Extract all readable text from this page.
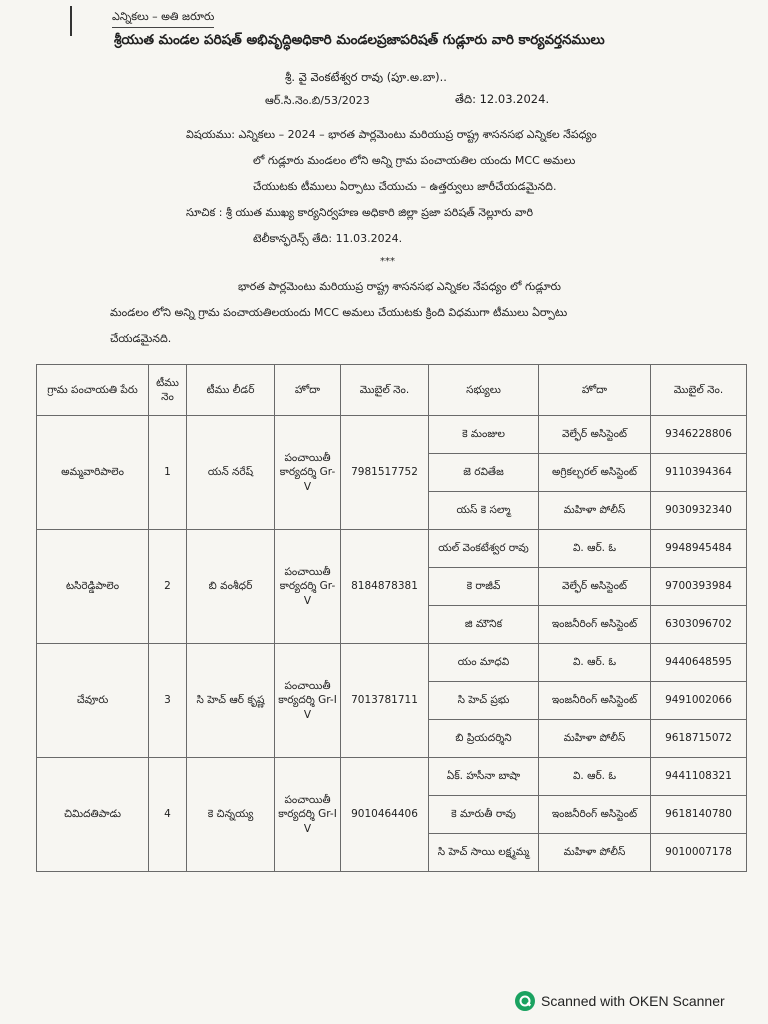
ఎన్నికలు – అతి జరూరు
శ్రీయుత మండల పరిషత్ అభివృద్ధిఅధికారి మండలప్రజాపరిషత్ గుడ్లూరు వారి కార్యవర్తనములు
శ్రీ. వై వెంకటేశ్వర రావు (పూ.అ.బా)..
ఆర్.సి.నెం.బి/53/2023	తేది: 12.03.2024.
విషయము: ఎన్నికలు – 2024 – భారత పార్లమెంటు మరియుప్ర రాష్ట్ర శాసనసభ ఎన్నికల నేపధ్యం
లో గుడ్లూరు మండలం లోని అన్ని గ్రామ పంచాయతిల యందు MCC అమలు
చేయుటకు టీములు ఏర్పాటు చేయుచు – ఉత్తర్వులు జారీచేయడమైనది.
సూచిక : శ్రీ యుత ముఖ్య కార్యనిర్వహణ అధికారి జిల్లా ప్రజా పరిషత్ నెల్లూరు వారి
టెలీకాన్ఫరెన్స్ తేది: 11.03.2024.
***
భారత పార్లమెంటు మరియుప్ర రాష్ట్ర శాసనసభ ఎన్నికల నేపధ్యం లో గుడ్లూరు
మండలం లోని అన్ని గ్రామ పంచాయతిలయందు MCC అమలు చేయుటకు క్రింది విధముగా టీములు ఏర్పాటు
చేయడమైనది.
గ్రామ పంచాయతి పేరు	టీము నెం	టీము లీడర్	హోదా	మొబైల్ నెం.	సభ్యులు	హోదా	మొబైల్ నెం.
అమ్మవారిపాలెం	1	యన్ నరేష్	పంచాయితీ కార్యదర్శి Gr-V	7981517752	కె మంజుల	వెల్ఫేర్ అసిస్టెంట్	9346228806
					జె రవితేజ	అగ్రికల్చరల్ అసిస్టెంట్	9110394364
					యస్ కె సల్మా	మహిళా పోలీస్	9030932340
టసిరెడ్డిపాలెం	2	బి వంశీధర్	పంచాయితీ కార్యదర్శి Gr-V	8184878381	యల్ వెంకటేశ్వర రావు	వి. ఆర్. ఓ	9948945484
					కె రాజీవ్	వెల్ఫేర్ అసిస్టెంట్	9700393984
					జి మౌనిక	ఇంజనీరింగ్ అసిస్టెంట్	6303096702
చేవూరు	3	సి హెచ్ ఆర్ కృష్ణ	పంచాయితీ కార్యదర్శి Gr-I V	7013781711	యం మాధవి	వి. ఆర్. ఓ	9440648595
					సి హెచ్ ప్రభు	ఇంజనీరింగ్ అసిస్టెంట్	9491002066
					బి ప్రియదర్శిని	మహిళా పోలీస్	9618715072
చిమిదతిపాడు	4	కె చిన్నయ్య	పంచాయితీ కార్యదర్శి Gr-I V	9010464406	ఏక్. హసీనా బాషా	వి. ఆర్. ఓ	9441108321
					కె మారుతీ రావు	ఇంజనీరింగ్ అసిస్టెంట్	9618140780
					సి హెచ్ సాయి లక్ష్మమ్మ	మహిళా పోలీస్	9010007178
Scanned with OKEN Scanner
